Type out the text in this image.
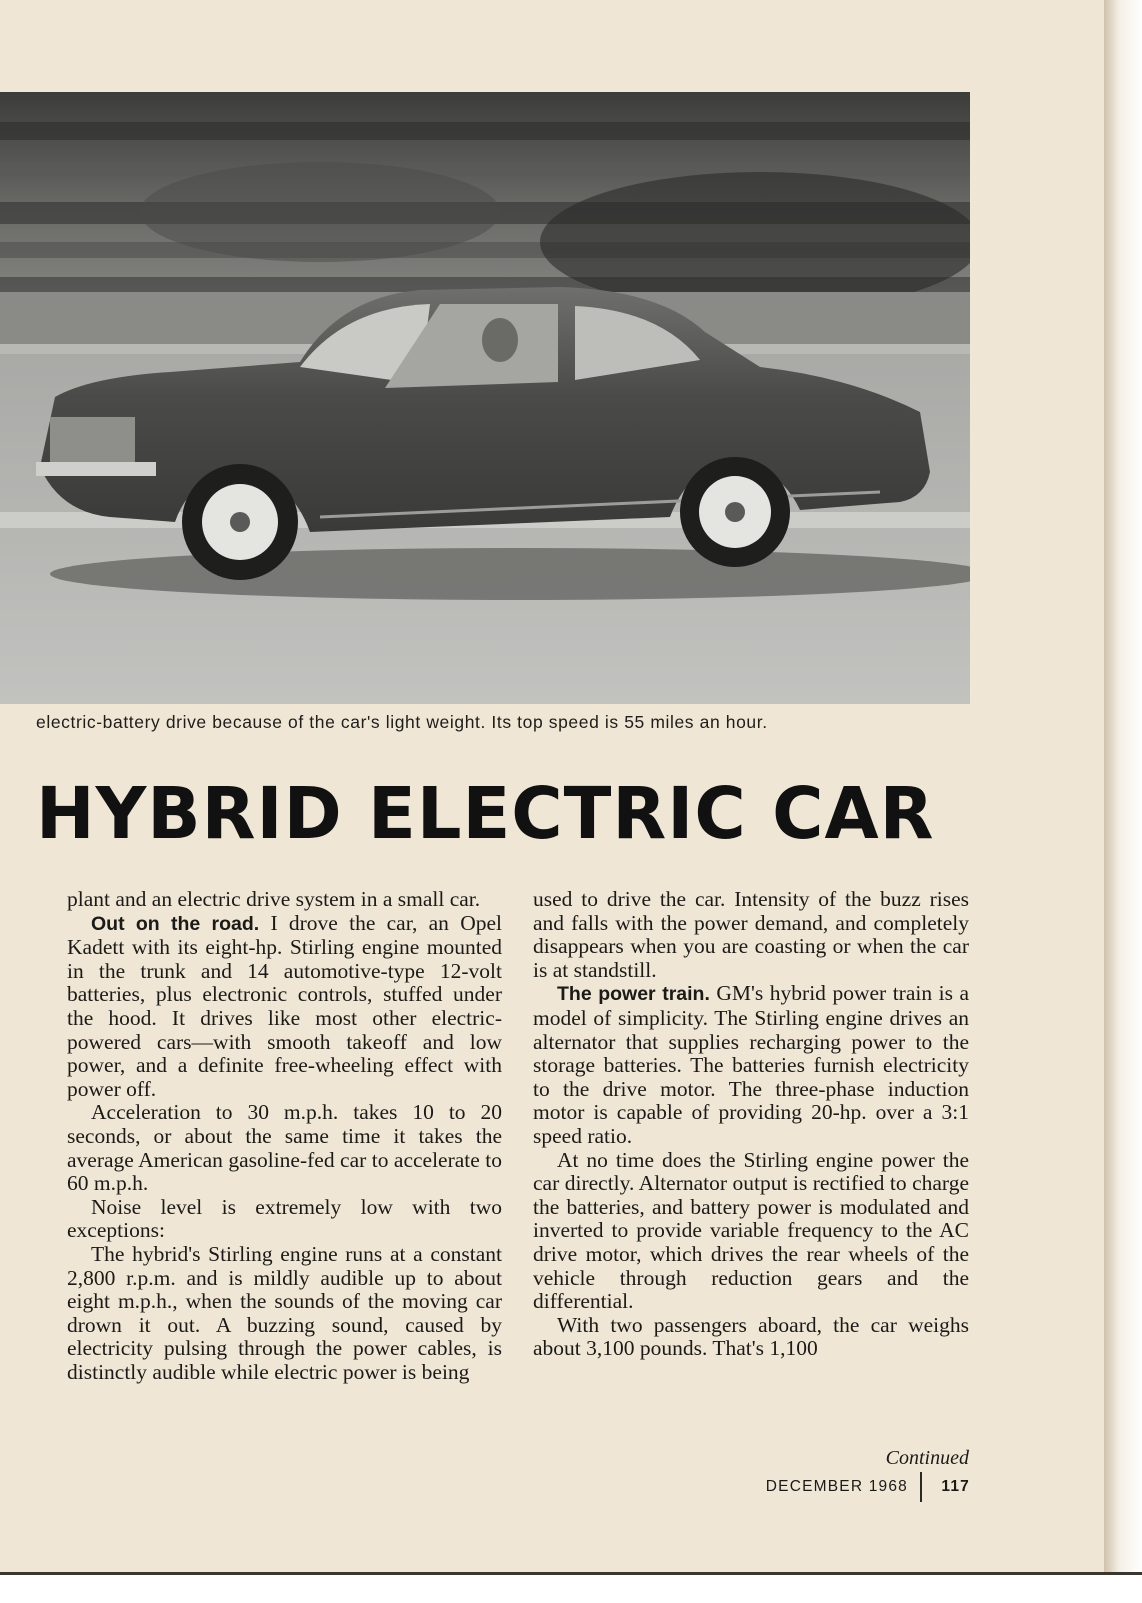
electric-battery drive because of the car's light weight. Its top speed is 55 miles an hour.
HYBRID ELECTRIC CAR

plant and an electric drive system in a small car.

Out on the road. I drove the car, an Opel Kadett with its eight-hp. Stirling engine mounted in the trunk and 14 automotive-type 12-volt batteries, plus electronic controls, stuffed under the hood. It drives like most other electric-powered cars—with smooth takeoff and low power, and a definite free-wheeling effect with power off.

Acceleration to 30 m.p.h. takes 10 to 20 seconds, or about the same time it takes the average American gasoline-fed car to accelerate to 60 m.p.h.

Noise level is extremely low with two exceptions:

The hybrid's Stirling engine runs at a constant 2,800 r.p.m. and is mildly audible up to about eight m.p.h., when the sounds of the moving car drown it out. A buzzing sound, caused by electricity pulsing through the power cables, is distinctly audible while electric power is being

used to drive the car. Intensity of the buzz rises and falls with the power demand, and completely disappears when you are coasting or when the car is at standstill.

The power train. GM's hybrid power train is a model of simplicity. The Stirling engine drives an alternator that supplies recharging power to the storage batteries. The batteries furnish electricity to the drive motor. The three-phase induction motor is capable of providing 20-hp. over a 3:1 speed ratio.

At no time does the Stirling engine power the car directly. Alternator output is rectified to charge the batteries, and battery power is modulated and inverted to provide variable frequency to the AC drive motor, which drives the rear wheels of the vehicle through reduction gears and the differential.

With two passengers aboard, the car weighs about 3,100 pounds. That's 1,100

Continued
DECEMBER 1968 117
